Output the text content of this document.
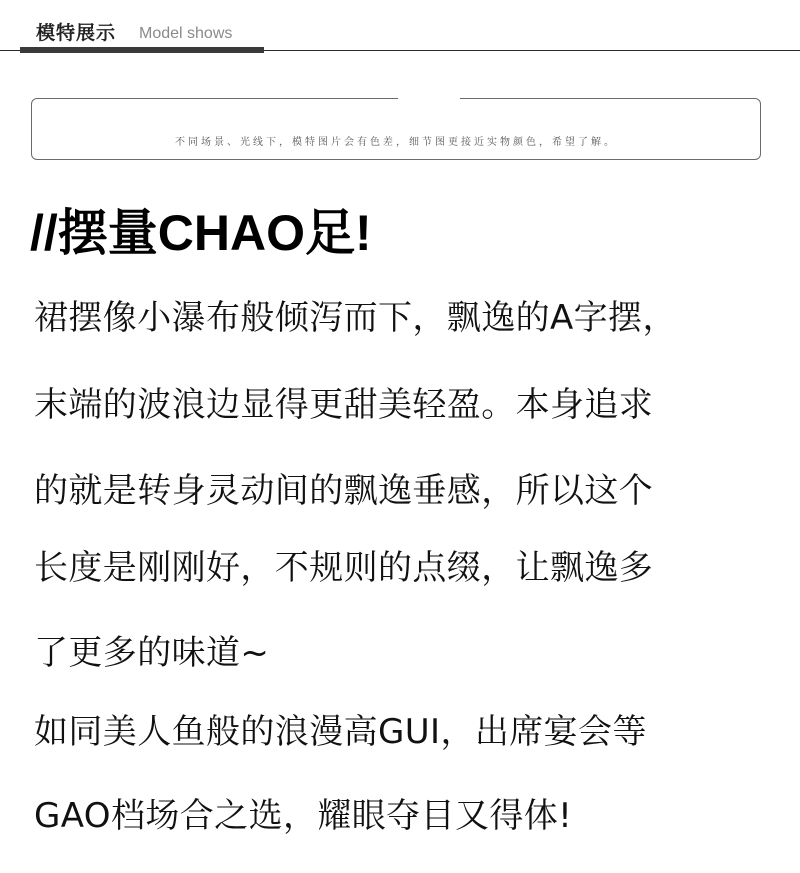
模特展示 Model shows
不同场景、光线下，模特图片会有色差，细节图更接近实物颜色，希望了解。
//摆量CHAO足!
裙摆像小瀑布般倾泻而下，飘逸的A字摆，
末端的波浪边显得更甜美轻盈。本身追求
的就是转身灵动间的飘逸垂感，所以这个
长度是刚刚好，不规则的点缀，让飘逸多
了更多的味道~
如同美人鱼般的浪漫高GUI，出席宴会等
GAO档场合之选，耀眼夺目又得体!
